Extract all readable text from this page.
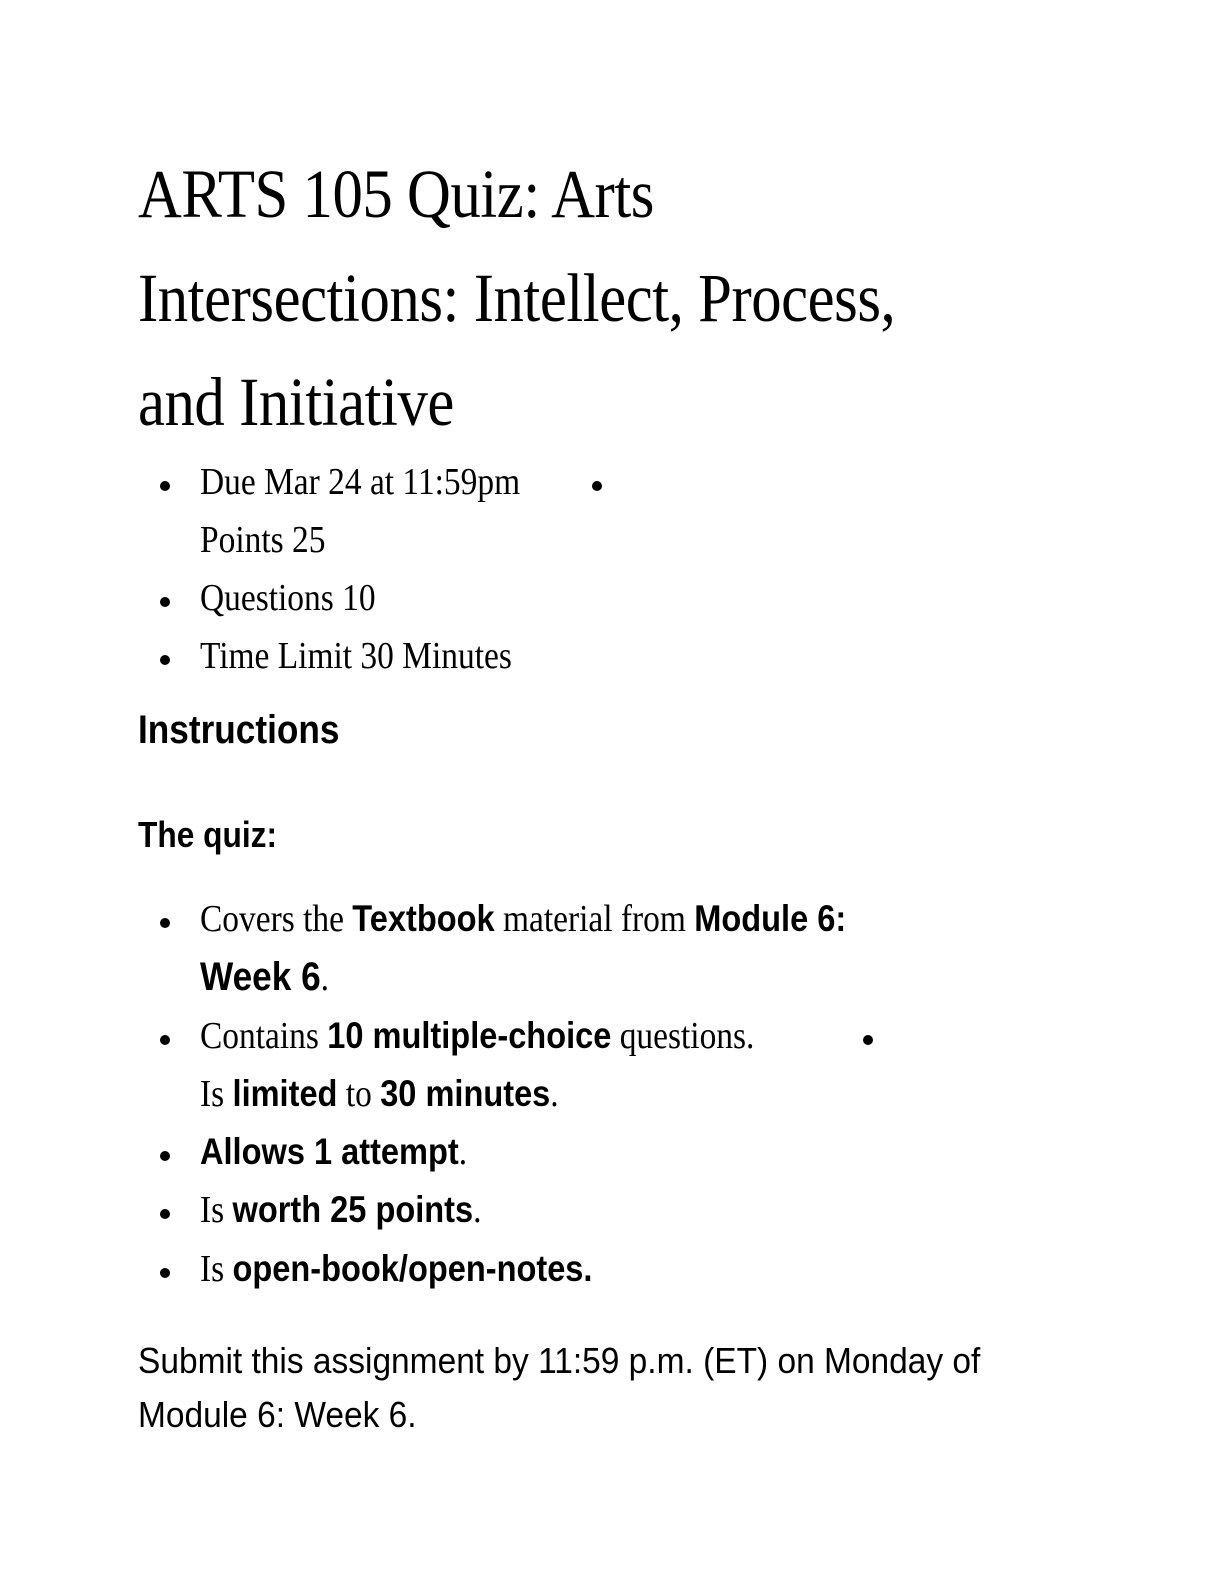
ARTS 105 Quiz: Arts
Intersections: Intellect, Process,
and Initiative
Due Mar 24 at 11:59pm
Points 25
Questions 10
Time Limit 30 Minutes
Instructions
The quiz:
Covers the Textbook material from Module 6:
Week 6.
Contains 10 multiple-choice questions.
Is limited to 30 minutes.
Allows 1 attempt.
Is worth 25 points.
Is open-book/open-notes.
Submit this assignment by 11:59 p.m. (ET) on Monday of
Module 6: Week 6.
